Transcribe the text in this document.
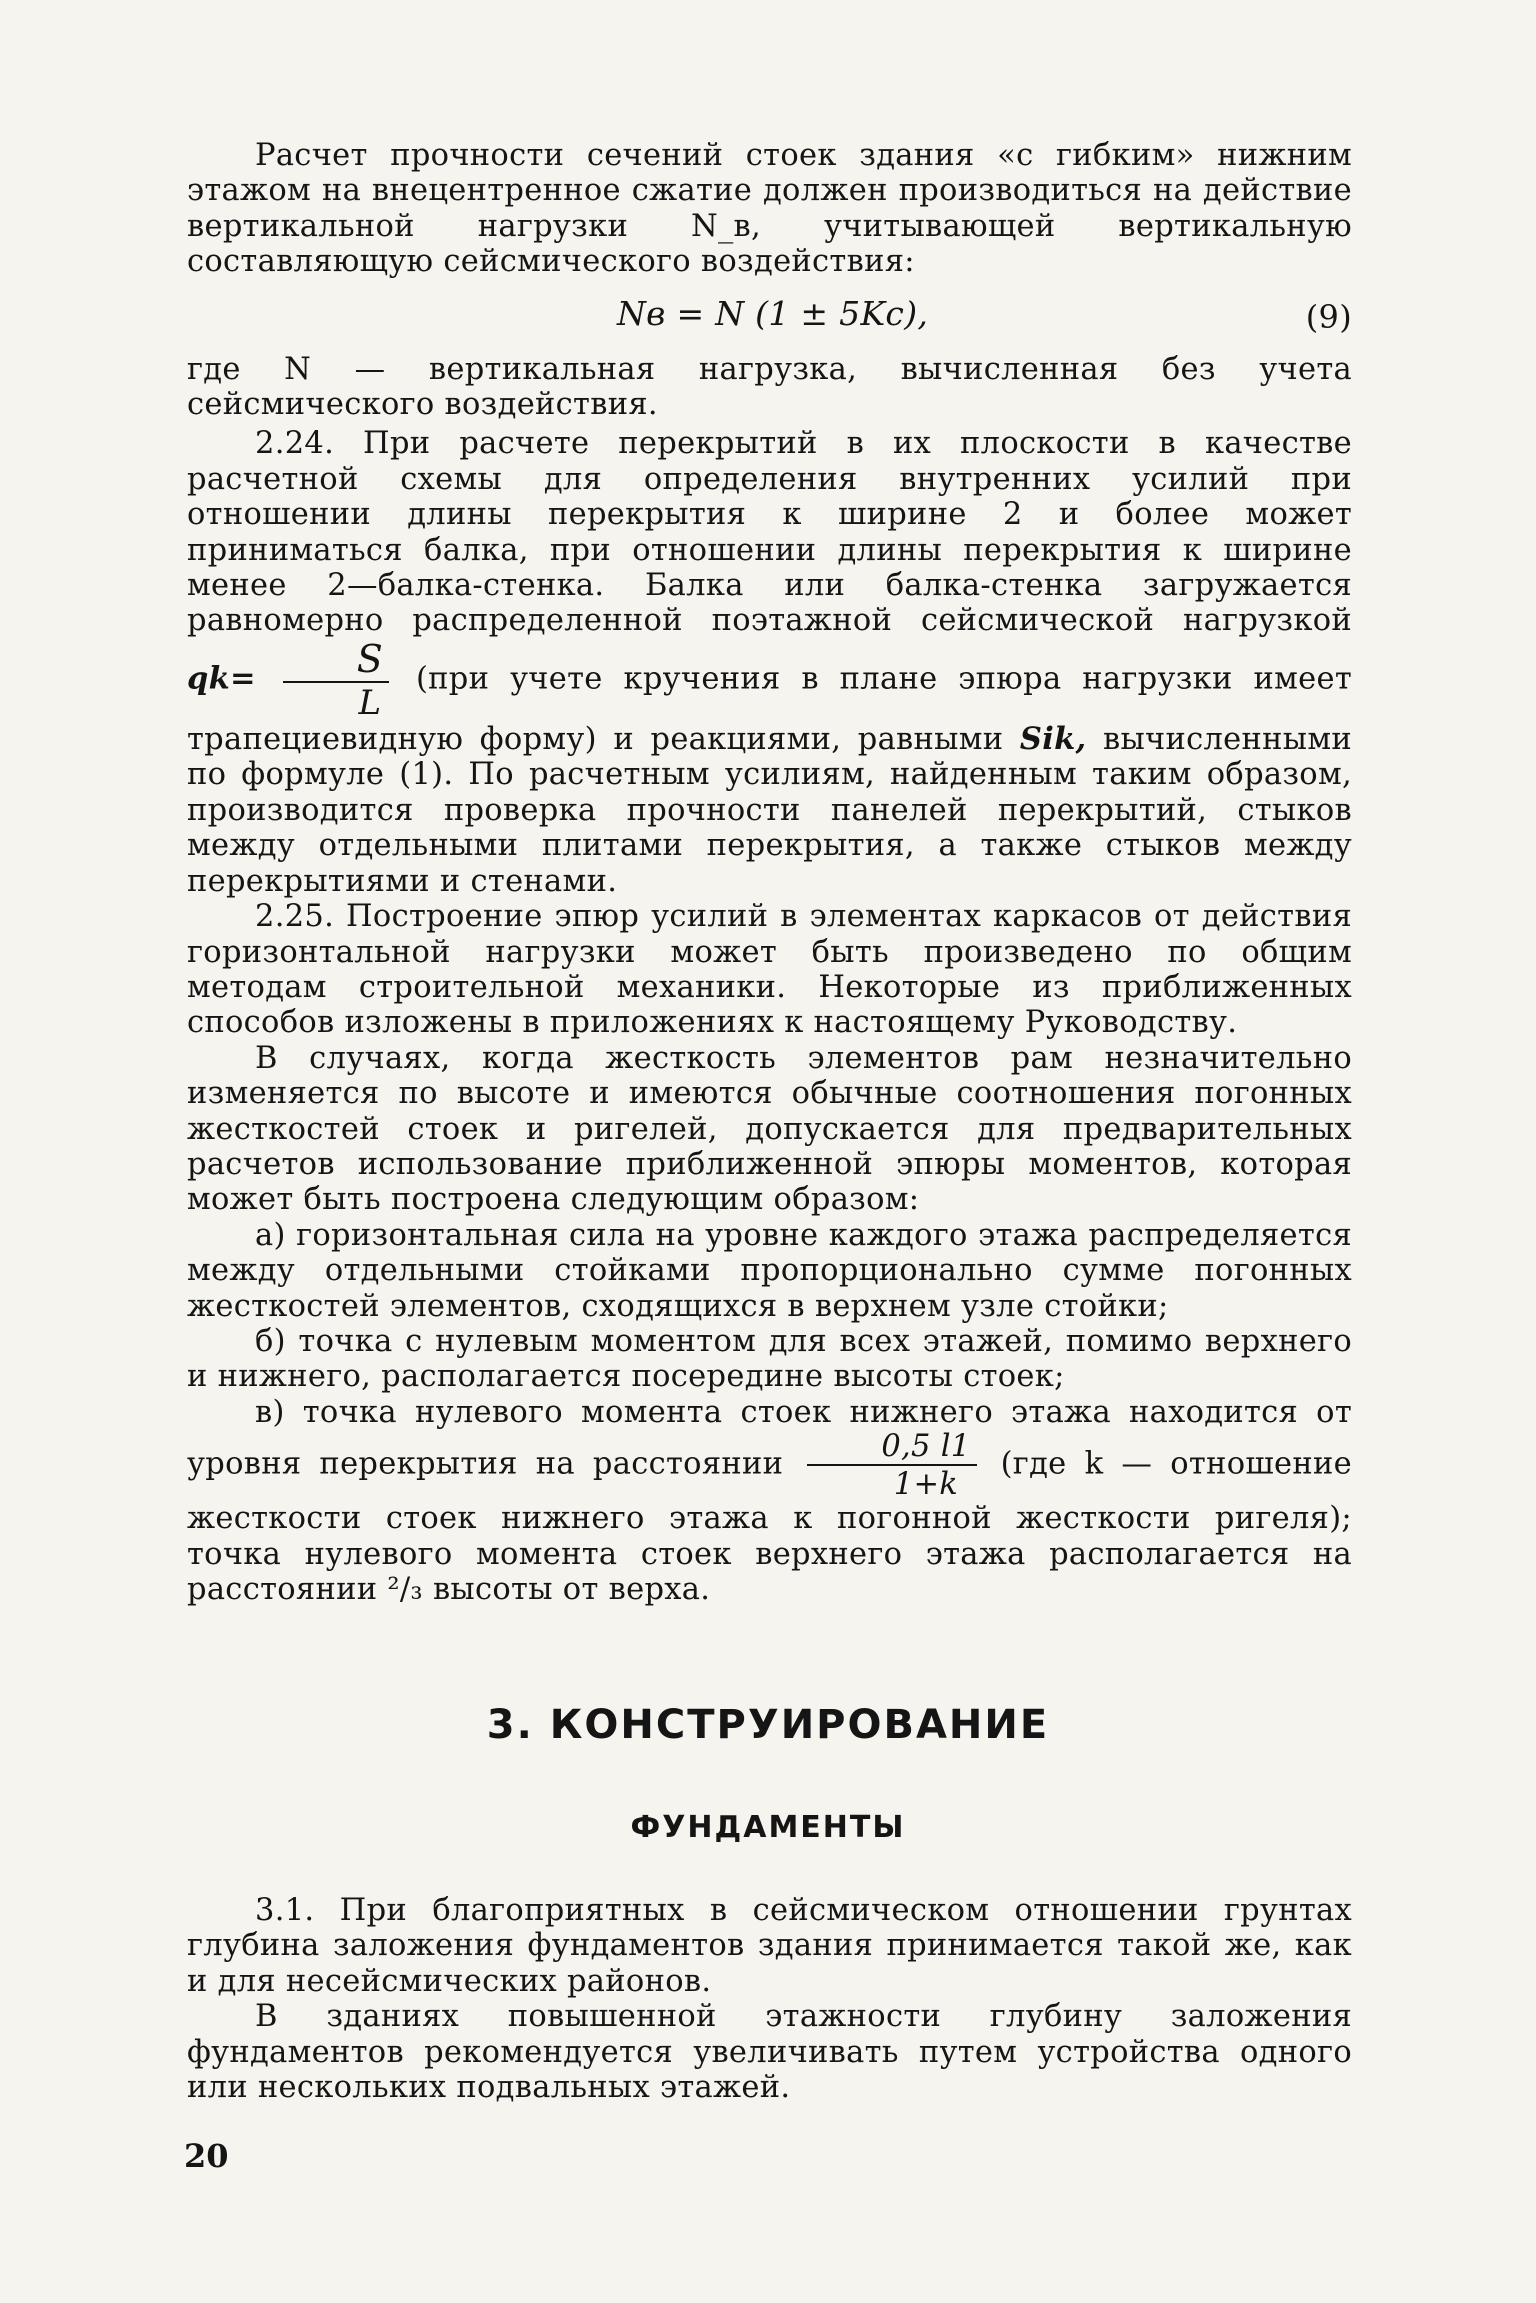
Расчет прочности сечений стоек здания «с гибким» нижним этажом на внецентренное сжатие должен производиться на действие вертикальной нагрузки N_в, учитывающей вертикальную составляющую сейсмического воздействия:

Nв = N (1 ± 5Kс),	(9)

где N — вертикальная нагрузка, вычисленная без учета сейсмического воздействия.

2.24. При расчете перекрытий в их плоскости в качестве расчетной схемы для определения внутренних усилий при отношении длины перекрытия к ширине 2 и более может приниматься балка, при отношении длины перекрытия к ширине менее 2—балка-стенка. Балка или балка-стенка загружается равномерно распределенной поэтажной сейсмической нагрузкой $qk= \frac{S}{L} (при$ учете кручения в плане эпюра нагрузки имеет трапециевидную форму) и реакциями, равными Sik, вычисленными по формуле (1). По расчетным усилиям, найденным таким образом, производится проверка прочности панелей перекрытий, стыков между отдельными плитами перекрытия, а также стыков между перекрытиями и стенами.

2.25. Построение эпюр усилий в элементах каркасов от действия горизонтальной нагрузки может быть произведено по общим методам строительной механики. Некоторые из приближенных способов изложены в приложениях к настоящему Руководству.

В случаях, когда жесткость элементов рам незначительно изменяется по высоте и имеются обычные соотношения погонных жесткостей стоек и ригелей, допускается для предварительных расчетов использование приближенной эпюры моментов, которая может быть построена следующим образом:

а) горизонтальная сила на уровне каждого этажа распределяется между отдельными стойками пропорционально сумме погонных жесткостей элементов, сходящихся в верхнем узле стойки;

б) точка с нулевым моментом для всех этажей, помимо верхнего и нижнего, располагается посередине высоты стоек;

в) точка нулевого момента стоек нижнего этажа находится от уровня перекрытия на расстоянии $\frac{0,5 l1}{1+k} (где$ k — отношение жесткости стоек нижнего этажа к погонной жесткости ригеля); точка нулевого момента стоек верхнего этажа располагается на расстоянии ²/₃ высоты от верха.

3. КОНСТРУИРОВАНИЕ
ФУНДАМЕНТЫ

3.1. При благоприятных в сейсмическом отношении грунтах глубина заложения фундаментов здания принимается такой же, как и для несейсмических районов.

В зданиях повышенной этажности глубину заложения фундаментов рекомендуется увеличивать путем устройства одного или нескольких подвальных этажей.

20
